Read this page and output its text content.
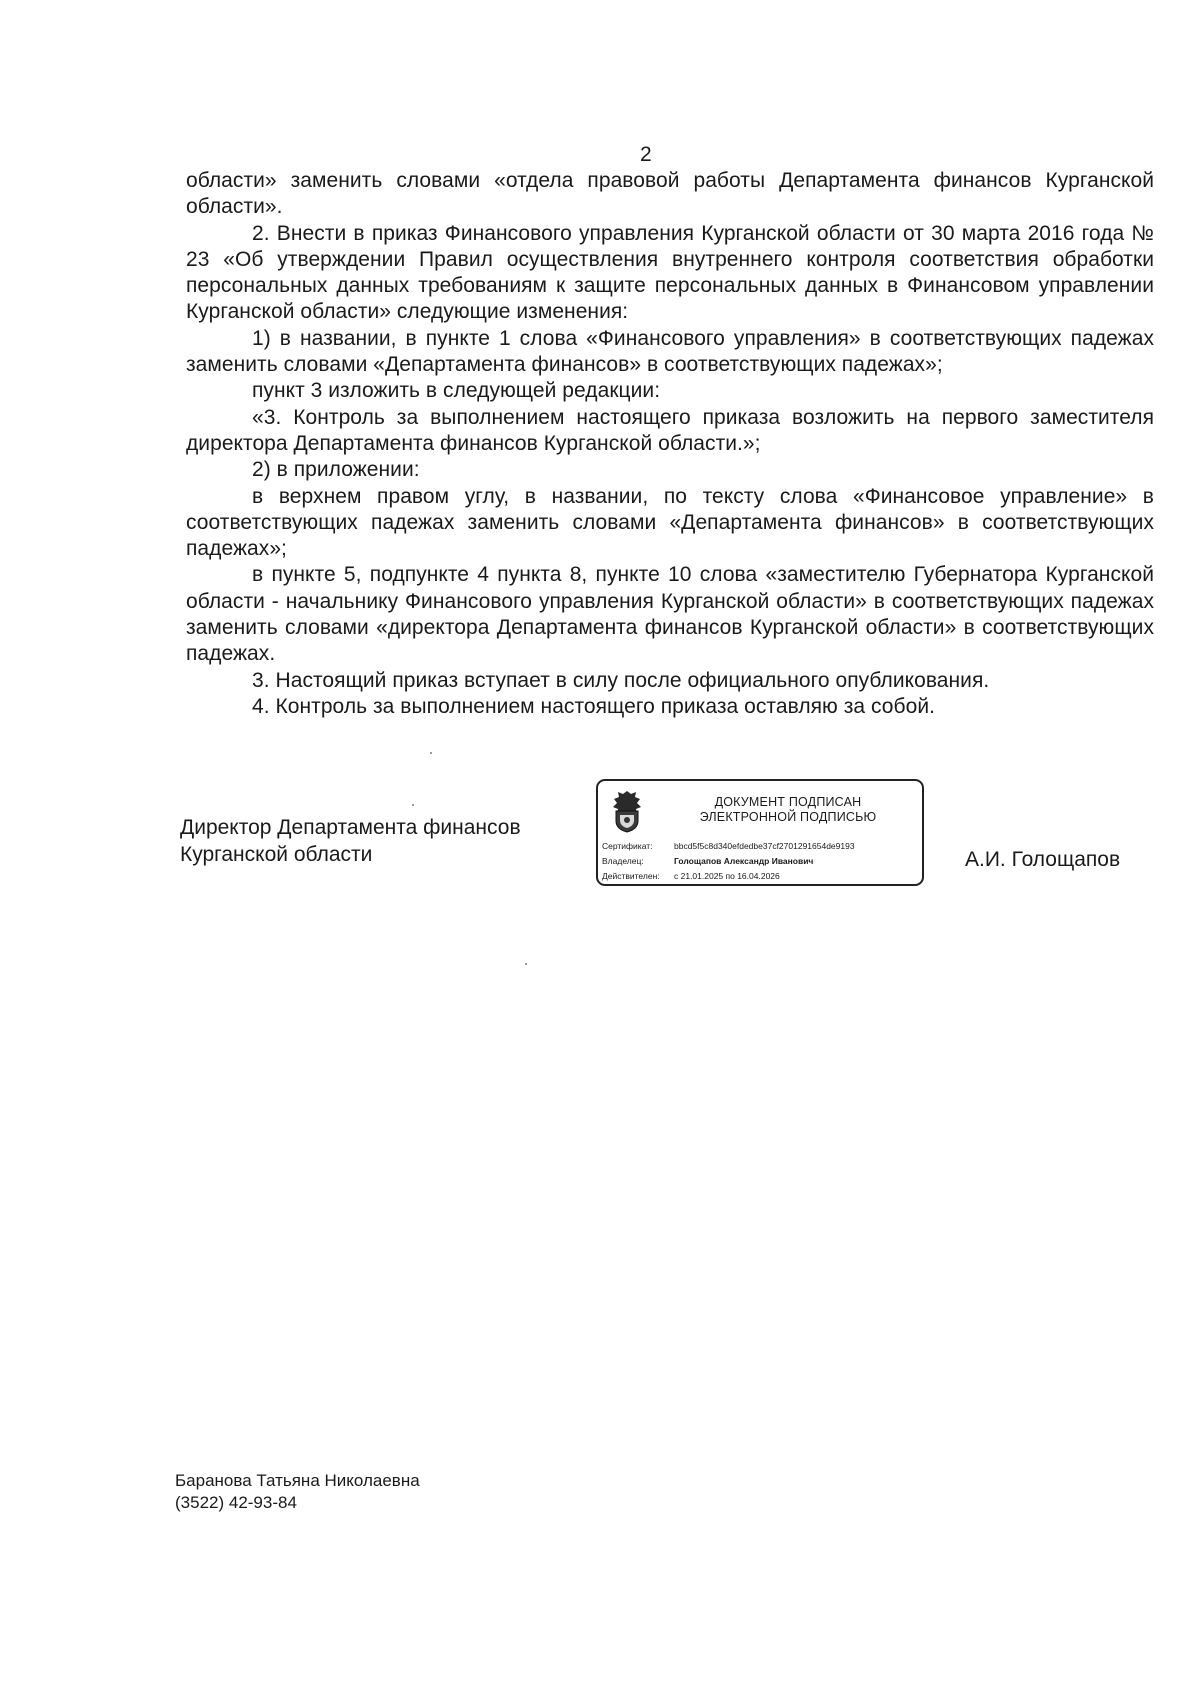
2

области» заменить словами «отдела правовой работы Департамента финансов Курганской области».

2. Внести в приказ Финансового управления Курганской области от 30 марта 2016 года № 23 «Об утверждении Правил осуществления внутреннего контроля соответствия обработки персональных данных требованиям к защите персональных данных в Финансовом управлении Курганской области» следующие изменения:

1) в названии, в пункте 1 слова «Финансового управления» в соответствующих падежах заменить словами «Департамента финансов» в соответствующих падежах»;

пункт 3 изложить в следующей редакции:

«3. Контроль за выполнением настоящего приказа возложить на первого заместителя директора Департамента финансов Курганской области.»;

2) в приложении:

в верхнем правом углу, в названии, по тексту слова «Финансовое управление» в соответствующих падежах заменить словами «Департамента финансов» в соответствующих падежах»;

в пункте 5, подпункте 4 пункта 8, пункте 10 слова «заместителю Губернатора Курганской области - начальнику Финансового управления Курганской области» в соответствующих падежах заменить словами «директора Департамента финансов Курганской области» в соответствующих падежах.

3. Настоящий приказ вступает в силу после официального опубликования.

4. Контроль за выполнением настоящего приказа оставляю за собой.

Директор Департамента финансов
Курганской области
ДОКУМЕНТ ПОДПИСАН
ЭЛЕКТРОННОЙ ПОДПИСЬЮ
Сертификат:	bbcd5f5c8d340efdedbe37cf2701291654de9193
Владелец:	Голощапов Александр Иванович
Действителен: с 21.01.2025 по 16.04.2026
А.И. Голощапов
Баранова Татьяна Николаевна
(3522) 42-93-84
